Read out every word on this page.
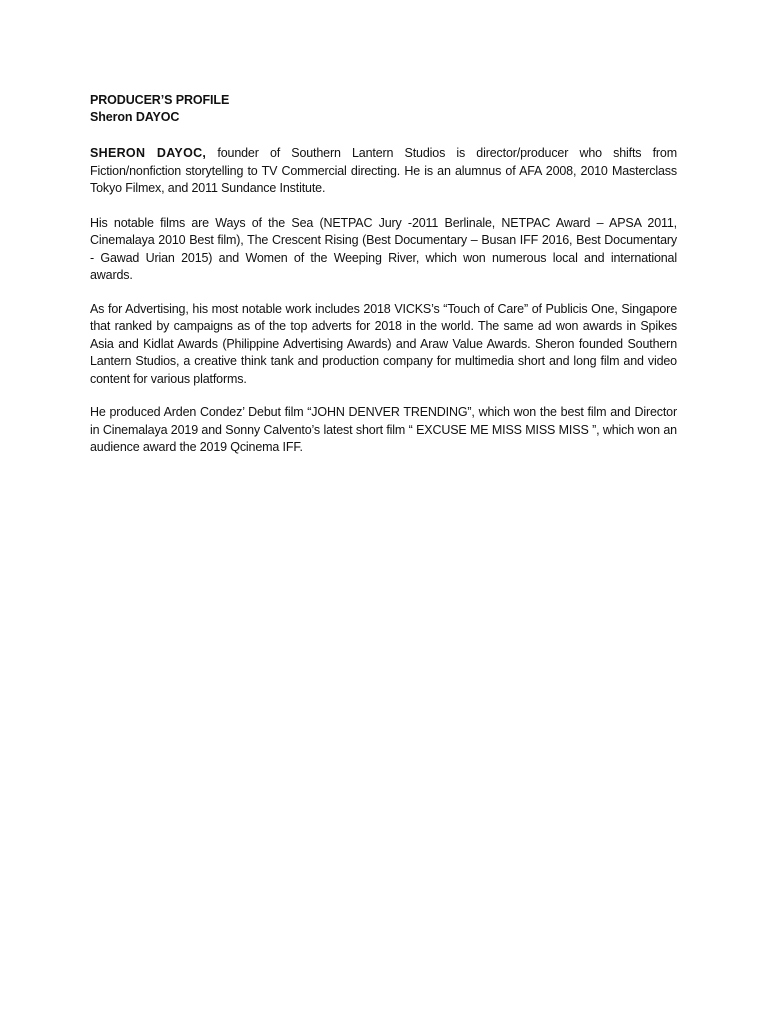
PRODUCER’S PROFILE

Sheron DAYOC

SHERON DAYOC, founder of Southern Lantern Studios is director/producer who shifts from Fiction/nonfiction storytelling to TV Commercial directing. He is an alumnus of AFA 2008, 2010 Masterclass Tokyo Filmex, and 2011 Sundance Institute.

His notable films are Ways of the Sea (NETPAC Jury -2011 Berlinale, NETPAC Award – APSA 2011, Cinemalaya 2010 Best film), The Crescent Rising (Best Documentary – Busan IFF 2016, Best Documentary - Gawad Urian 2015) and Women of the Weeping River, which won numerous local and international awards.

As for Advertising, his most notable work includes 2018 VICKS’s “Touch of Care” of Publicis One, Singapore that ranked by campaigns as of the top adverts for 2018 in the world. The same ad won awards in Spikes Asia and Kidlat Awards (Philippine Advertising Awards) and Araw Value Awards. Sheron founded Southern Lantern Studios, a creative think tank and production company for multimedia short and long film and video content for various platforms.

He produced Arden Condez’ Debut film “JOHN DENVER TRENDING”, which won the best film and Director in Cinemalaya 2019 and Sonny Calvento’s latest short film “ EXCUSE ME MISS MISS MISS ”, which won an audience award the 2019 Qcinema IFF.
